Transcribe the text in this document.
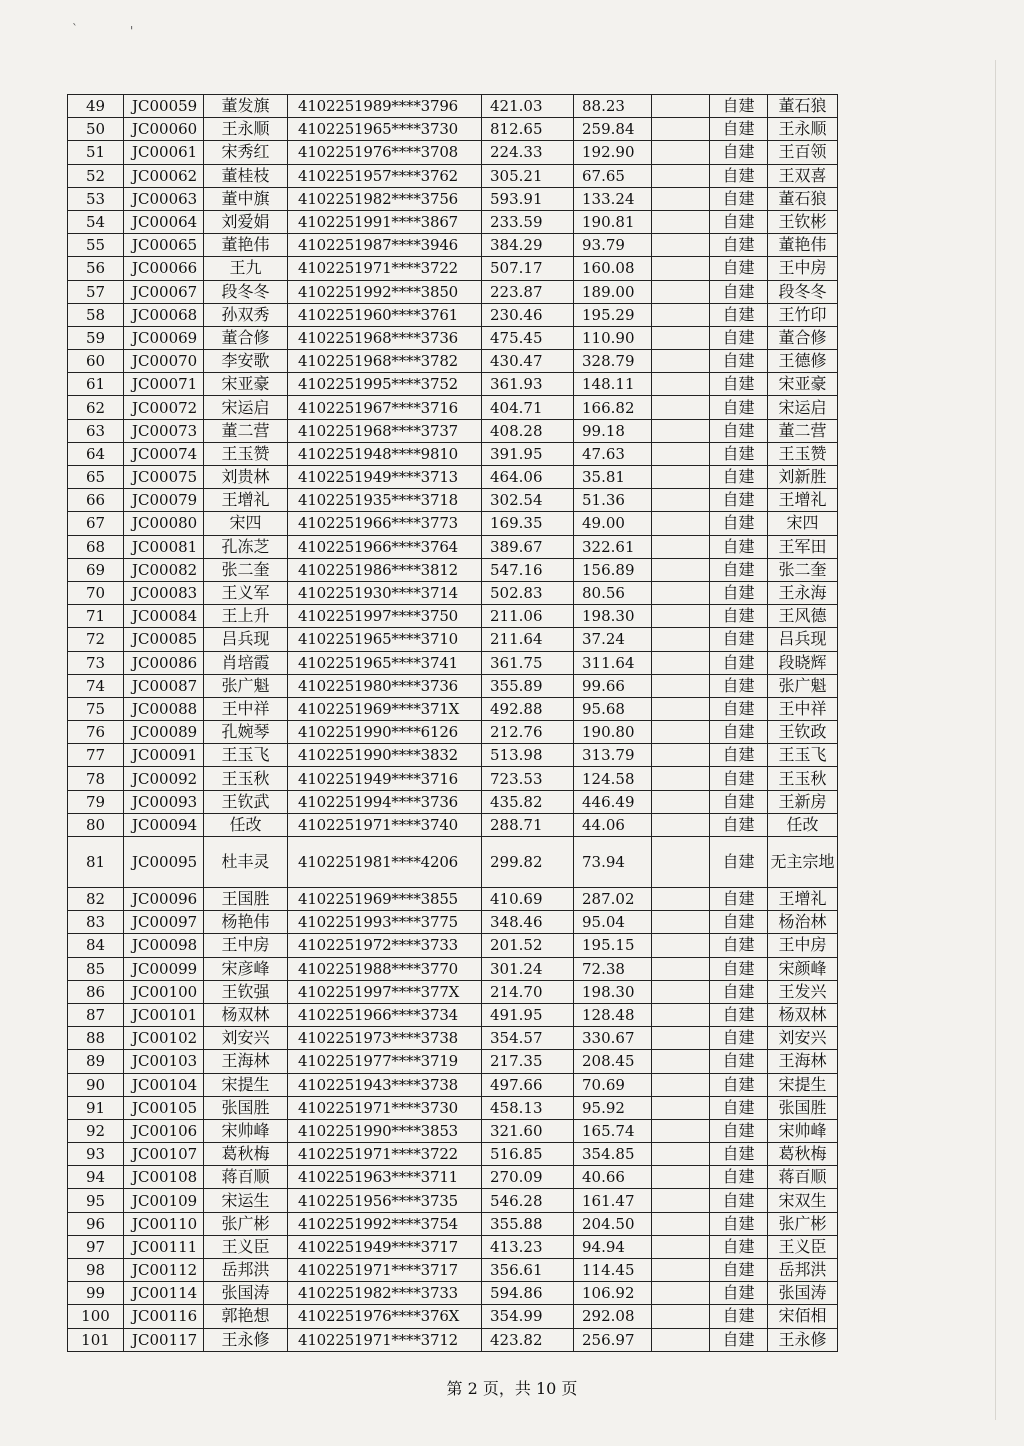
`	'
49	JC00059	董发旗	4102251989****3796	421.03	88.23		自建	董石狼
50	JC00060	王永顺	4102251965****3730	812.65	259.84		自建	王永顺
51	JC00061	宋秀红	4102251976****3708	224.33	192.90		自建	王百领
52	JC00062	董桂枝	4102251957****3762	305.21	67.65		自建	王双喜
53	JC00063	董中旗	4102251982****3756	593.91	133.24		自建	董石狼
54	JC00064	刘爱娟	4102251991****3867	233.59	190.81		自建	王钦彬
55	JC00065	董艳伟	4102251987****3946	384.29	93.79		自建	董艳伟
56	JC00066	王九	4102251971****3722	507.17	160.08		自建	王中房
57	JC00067	段冬冬	4102251992****3850	223.87	189.00		自建	段冬冬
58	JC00068	孙双秀	4102251960****3761	230.46	195.29		自建	王竹印
59	JC00069	董合修	4102251968****3736	475.45	110.90		自建	董合修
60	JC00070	李安歌	4102251968****3782	430.47	328.79		自建	王德修
61	JC00071	宋亚豪	4102251995****3752	361.93	148.11		自建	宋亚豪
62	JC00072	宋运启	4102251967****3716	404.71	166.82		自建	宋运启
63	JC00073	董二营	4102251968****3737	408.28	99.18		自建	董二营
64	JC00074	王玉赞	4102251948****9810	391.95	47.63		自建	王玉赞
65	JC00075	刘贵林	4102251949****3713	464.06	35.81		自建	刘新胜
66	JC00079	王增礼	4102251935****3718	302.54	51.36		自建	王增礼
67	JC00080	宋四	4102251966****3773	169.35	49.00		自建	宋四
68	JC00081	孔冻芝	4102251966****3764	389.67	322.61		自建	王军田
69	JC00082	张二奎	4102251986****3812	547.16	156.89		自建	张二奎
70	JC00083	王义军	4102251930****3714	502.83	80.56		自建	王永海
71	JC00084	王上升	4102251997****3750	211.06	198.30		自建	王风德
72	JC00085	吕兵现	4102251965****3710	211.64	37.24		自建	吕兵现
73	JC00086	肖培霞	4102251965****3741	361.75	311.64		自建	段晓辉
74	JC00087	张广魁	4102251980****3736	355.89	99.66		自建	张广魁
75	JC00088	王中祥	4102251969****371X	492.88	95.68		自建	王中祥
76	JC00089	孔婉琴	4102251990****6126	212.76	190.80		自建	王钦政
77	JC00091	王玉飞	4102251990****3832	513.98	313.79		自建	王玉飞
78	JC00092	王玉秋	4102251949****3716	723.53	124.58		自建	王玉秋
79	JC00093	王钦武	4102251994****3736	435.82	446.49		自建	王新房
80	JC00094	任改	4102251971****3740	288.71	44.06		自建	任改
81	JC00095	杜丰灵	4102251981****4206	299.82	73.94		自建	无主宗地
82	JC00096	王国胜	4102251969****3855	410.69	287.02		自建	王增礼
83	JC00097	杨艳伟	4102251993****3775	348.46	95.04		自建	杨治林
84	JC00098	王中房	4102251972****3733	201.52	195.15		自建	王中房
85	JC00099	宋彦峰	4102251988****3770	301.24	72.38		自建	宋颜峰
86	JC00100	王钦强	4102251997****377X	214.70	198.30		自建	王发兴
87	JC00101	杨双林	4102251966****3734	491.95	128.48		自建	杨双林
88	JC00102	刘安兴	4102251973****3738	354.57	330.67		自建	刘安兴
89	JC00103	王海林	4102251977****3719	217.35	208.45		自建	王海林
90	JC00104	宋提生	4102251943****3738	497.66	70.69		自建	宋提生
91	JC00105	张国胜	4102251971****3730	458.13	95.92		自建	张国胜
92	JC00106	宋帅峰	4102251990****3853	321.60	165.74		自建	宋帅峰
93	JC00107	葛秋梅	4102251971****3722	516.85	354.85		自建	葛秋梅
94	JC00108	蒋百顺	4102251963****3711	270.09	40.66		自建	蒋百顺
95	JC00109	宋运生	4102251956****3735	546.28	161.47		自建	宋双生
96	JC00110	张广彬	4102251992****3754	355.88	204.50		自建	张广彬
97	JC00111	王义臣	4102251949****3717	413.23	94.94		自建	王义臣
98	JC00112	岳邦洪	4102251971****3717	356.61	114.45		自建	岳邦洪
99	JC00114	张国涛	4102251982****3733	594.86	106.92		自建	张国涛
100	JC00116	郭艳想	4102251976****376X	354.99	292.08		自建	宋佰相
101	JC00117	王永修	4102251971****3712	423.82	256.97		自建	王永修
第 2 页，共 10 页
